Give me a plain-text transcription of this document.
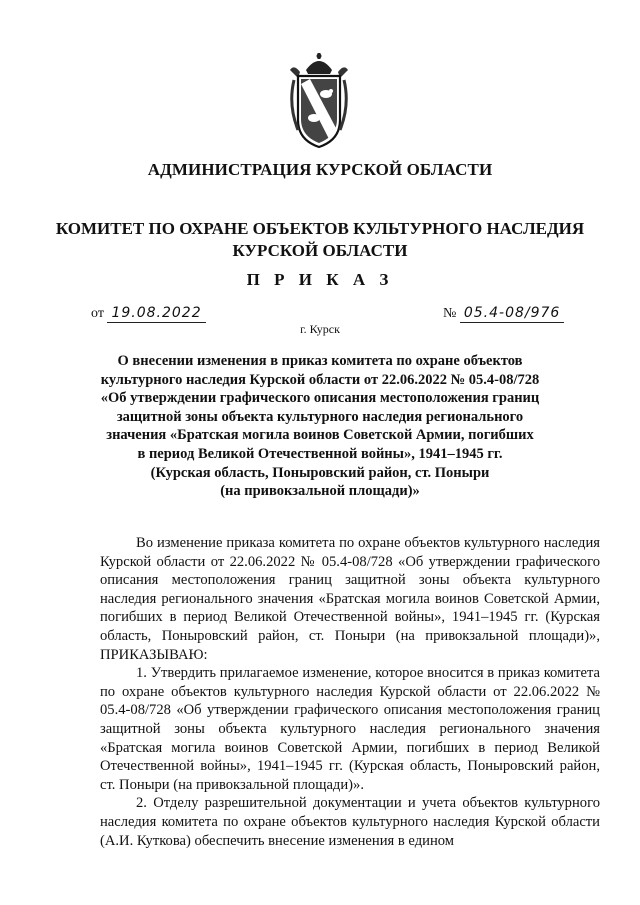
АДМИНИСТРАЦИЯ КУРСКОЙ ОБЛАСТИ
КОМИТЕТ ПО ОХРАНЕ ОБЪЕКТОВ КУЛЬТУРНОГО НАСЛЕДИЯ
КУРСКОЙ ОБЛАСТИ
П Р И К А З
от 19.08.2022	№ 05.4-08/976
г. Курск
О внесении изменения в приказ комитета по охране объектов
культурного наследия Курской области от 22.06.2022 № 05.4-08/728
«Об утверждении графического описания местоположения границ
защитной зоны объекта культурного наследия регионального
значения «Братская могила воинов Советской Армии, погибших
в период Великой Отечественной войны», 1941–1945 гг.
(Курская область, Поныровский район, ст. Поныри
(на привокзальной площади)»

Во изменение приказа комитета по охране объектов культурного наследия Курской области от 22.06.2022 № 05.4-08/728 «Об утверждении графического описания местоположения границ защитной зоны объекта культурного наследия регионального значения «Братская могила воинов Советской Армии, погибших в период Великой Отечественной войны», 1941–1945 гг. (Курская область, Поныровский район, ст. Поныри (на привокзальной площади)», ПРИКАЗЫВАЮ:

1. Утвердить прилагаемое изменение, которое вносится в приказ комитета по охране объектов культурного наследия Курской области от 22.06.2022 № 05.4-08/728 «Об утверждении графического описания местоположения границ защитной зоны объекта культурного наследия регионального значения «Братская могила воинов Советской Армии, погибших в период Великой Отечественной войны», 1941–1945 гг. (Курская область, Поныровский район, ст. Поныри (на привокзальной площади)».

2. Отделу разрешительной документации и учета объектов культурного наследия комитета по охране объектов культурного наследия Курской области (А.И. Куткова) обеспечить внесение изменения в едином
